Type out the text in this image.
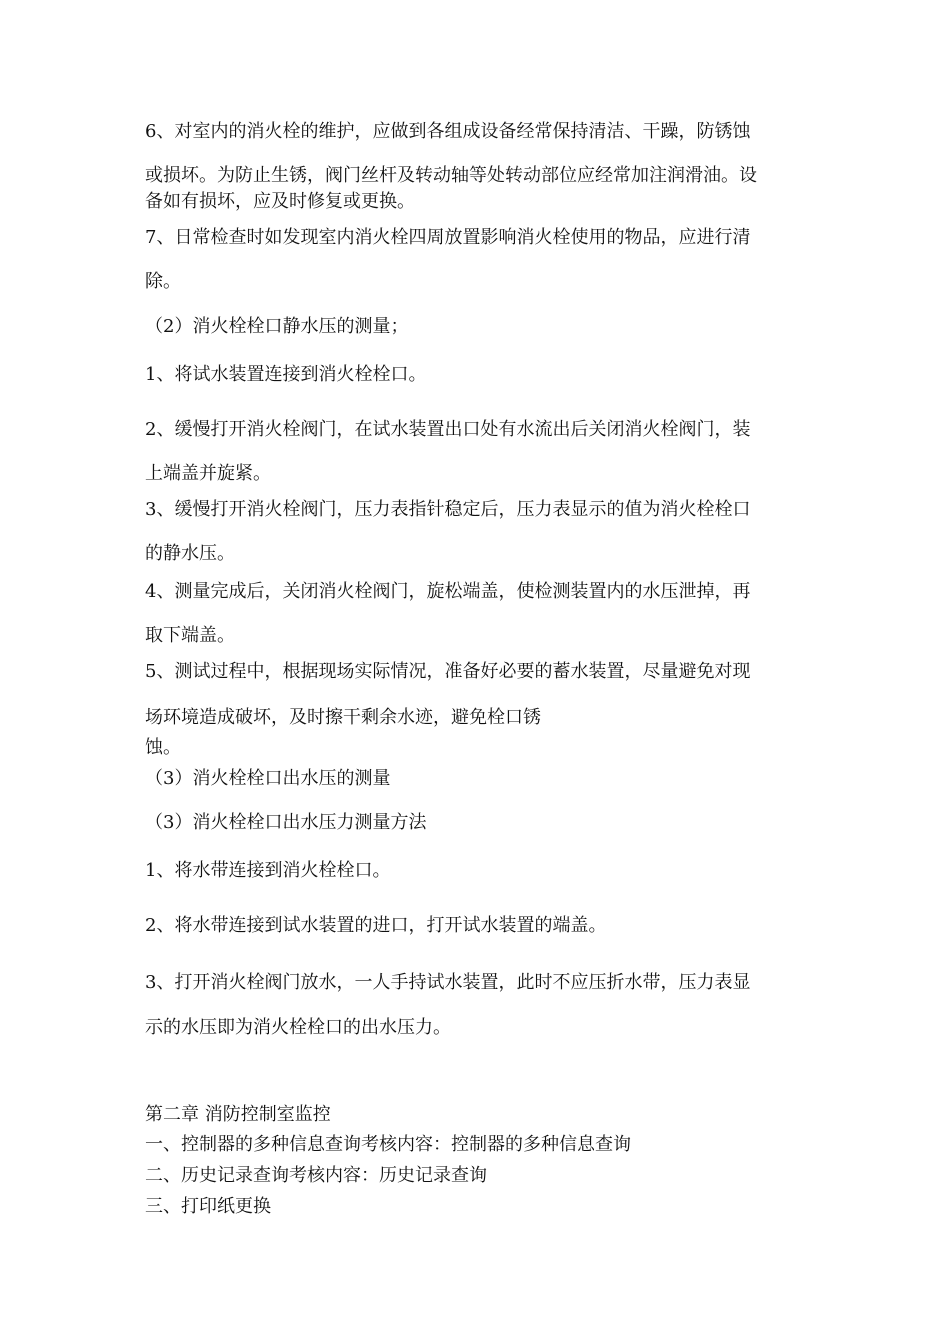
6、对室内的消火栓的维护，应做到各组成设备经常保持清洁、干躁，防锈蚀

或损坏。为防止生锈，阀门丝杆及转动轴等处转动部位应经常加注润滑油。设

备如有损坏，应及时修复或更换。

7、日常检查时如发现室内消火栓四周放置影响消火栓使用的物品，应进行清

除。

（2）消火栓栓口静水压的测量；

1、将试水装置连接到消火栓栓口。

2、缓慢打开消火栓阀门，在试水装置出口处有水流出后关闭消火栓阀门，装

上端盖并旋紧。

3、缓慢打开消火栓阀门，压力表指针稳定后，压力表显示的值为消火栓栓口

的静水压。

4、测量完成后，关闭消火栓阀门，旋松端盖，使检测装置内的水压泄掉，再

取下端盖。

5、测试过程中，根据现场实际情况，准备好必要的蓄水装置，尽量避免对现

场环境造成破坏，及时擦干剩余水迹，避免栓口锈

蚀。

（3）消火栓栓口出水压的测量

（3）消火栓栓口出水压力测量方法

1、将水带连接到消火栓栓口。

2、将水带连接到试水装置的进口，打开试水装置的端盖。

3、打开消火栓阀门放水，一人手持试水装置，此时不应压折水带，压力表显

示的水压即为消火栓栓口的出水压力。

第二章 消防控制室监控

一、控制器的多种信息查询考核内容：控制器的多种信息查询

二、历史记录查询考核内容：历史记录查询

三、打印纸更换
